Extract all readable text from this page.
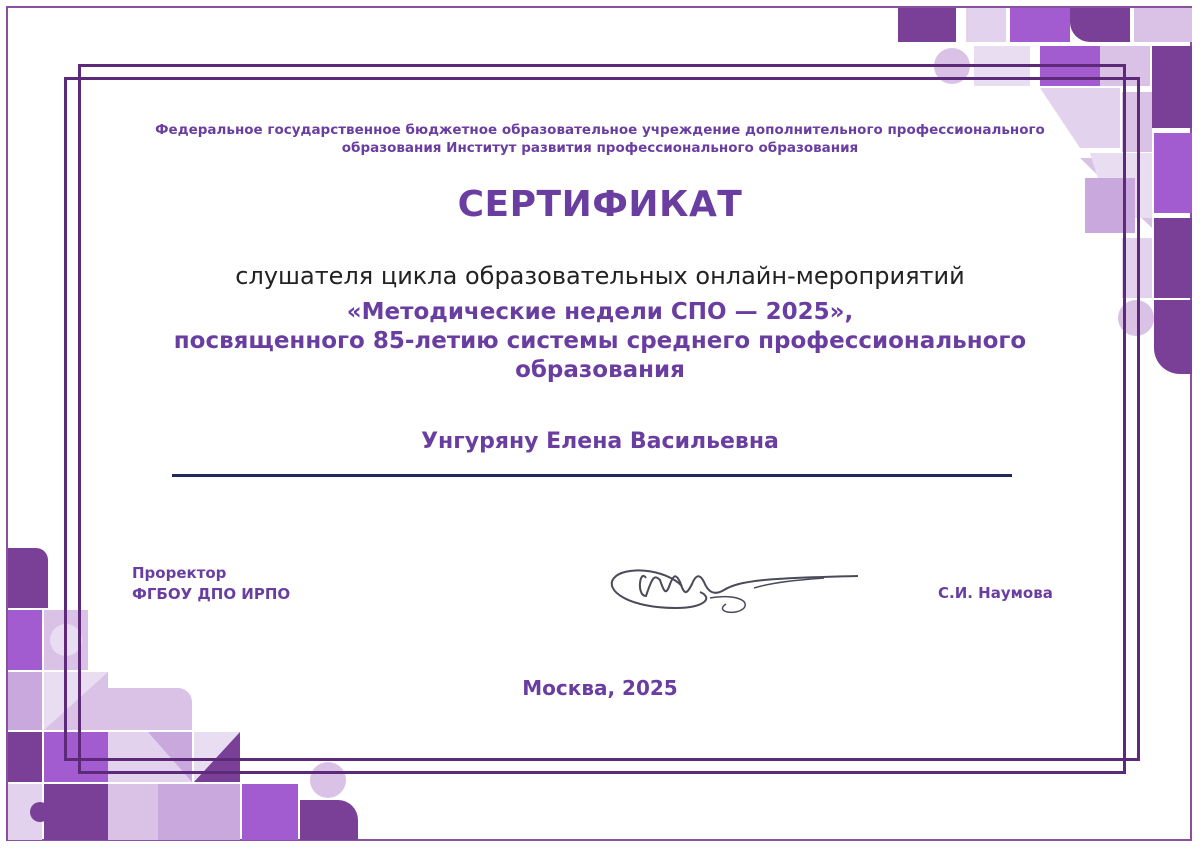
Федеральное государственное бюджетное образовательное учреждение дополнительного профессионального
образования Институт развития профессионального образования
СЕРТИФИКАТ
слушателя цикла образовательных онлайн-мероприятий
«Методические недели СПО — 2025»,
посвященного 85-летию системы среднего профессионального
образования
Унгуряну Елена Васильевна
Проректор
ФГБОУ ДПО ИРПО	С.И. Наумова
Москва, 2025
